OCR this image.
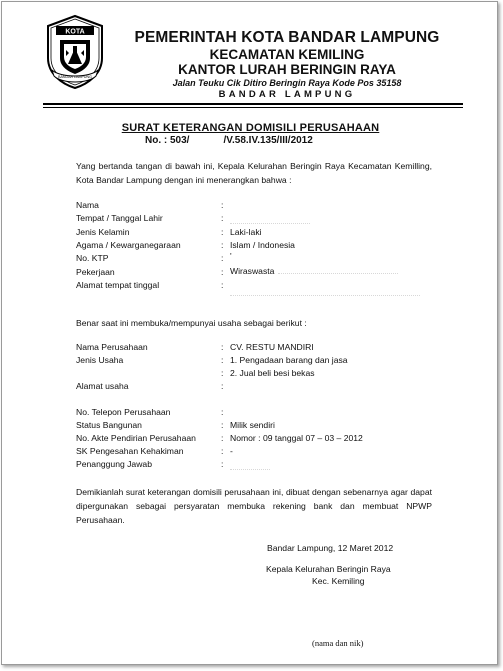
KOTA
BANDAR LAMPUNG
PEMERINTAH KOTA BANDAR LAMPUNG
KECAMATAN KEMILING
KANTOR LURAH BERINGIN RAYA
Jalan Teuku Cik Ditiro Beringin Raya Kode Pos 35158
BANDAR LAMPUNG
SURAT KETERANGAN DOMISILI PERUSAHAAN
No. : 503/	/V.58.IV.135/III/2012
Yang bertanda tangan di bawah ini, Kepala Kelurahan Beringin Raya Kecamatan Kemilling, Kota Bandar Lampung dengan ini menerangkan bahwa :
Nama	:
Tempat / Tanggal Lahir	:
Jenis Kelamin	: Laki-laki
Agama / Kewarganegaraan	: Islam / Indonesia
No. KTP	: '
Pekerjaan	: Wiraswasta
Alamat tempat tinggal	:
Benar saat ini membuka/mempunyai usaha sebagai berikut :
Nama Perusahaan	: CV. RESTU MANDIRI
Jenis Usaha	: 1. Pengadaan barang dan jasa
: 2. Jual beli besi bekas
Alamat usaha	:
No. Telepon Perusahaan	:
Status Bangunan	: Milik sendiri
No. Akte Pendirian Perusahaan	: Nomor : 09 tanggal 07 – 03 – 2012
SK Pengesahan Kehakiman	: -
Penanggung Jawab	:
Demikianlah surat keterangan domisili perusahaan ini, dibuat dengan sebenarnya agar dapat dipergunakan sebagai persyaratan membuka rekening bank dan membuat NPWP Perusahaan.
Bandar Lampung, 12 Maret 2012
Kepala Kelurahan Beringin Raya
Kec. Kemiling
(nama dan nik)
